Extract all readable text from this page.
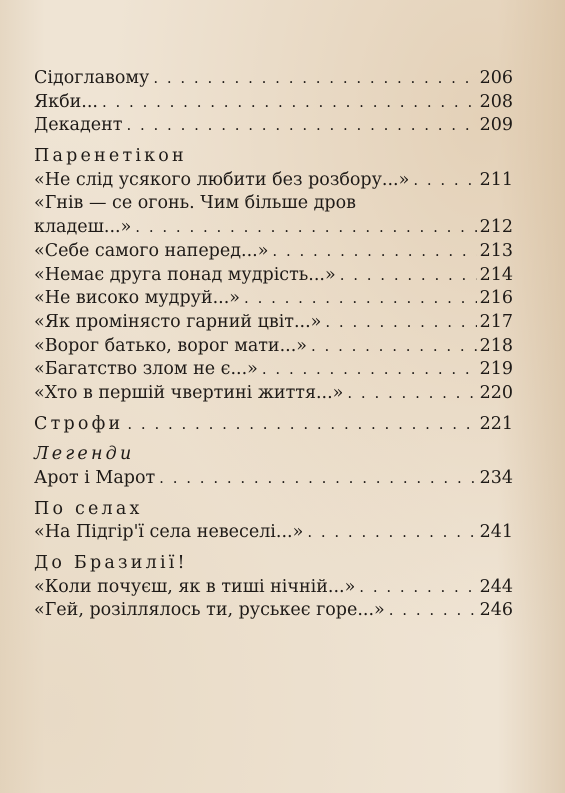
Сідоглавому . . .	206
Якби... . . .	208
Декадент . . .	209
Паренетікон
«Не слід усякого любити без розбору...» . . .	211
«Гнів — се огонь. Чим більше дров
кладеш...» . . .	212
«Себе самого наперед...» . . .	213
«Немає друга понад мудрість...» . . .	214
«Не високо мудруй...» . . .	216
«Як промінясто гарний цвіт...» . . .	217
«Ворог батько, ворог мати...» . . .	218
«Багатство злом не є...» . . .	219
«Хто в першій чвертині життя...» . . .	220
Строфи . . .	221
Легенди
Арот і Марот . . .	234
По селах
«На Підгір'ї села невеселі...» . . .	241
До Бразилії!
«Коли почуєш, як в тиші нічній...» . . .	244
«Гей, розіллялось ти, руськеє горе...» . . .	246
